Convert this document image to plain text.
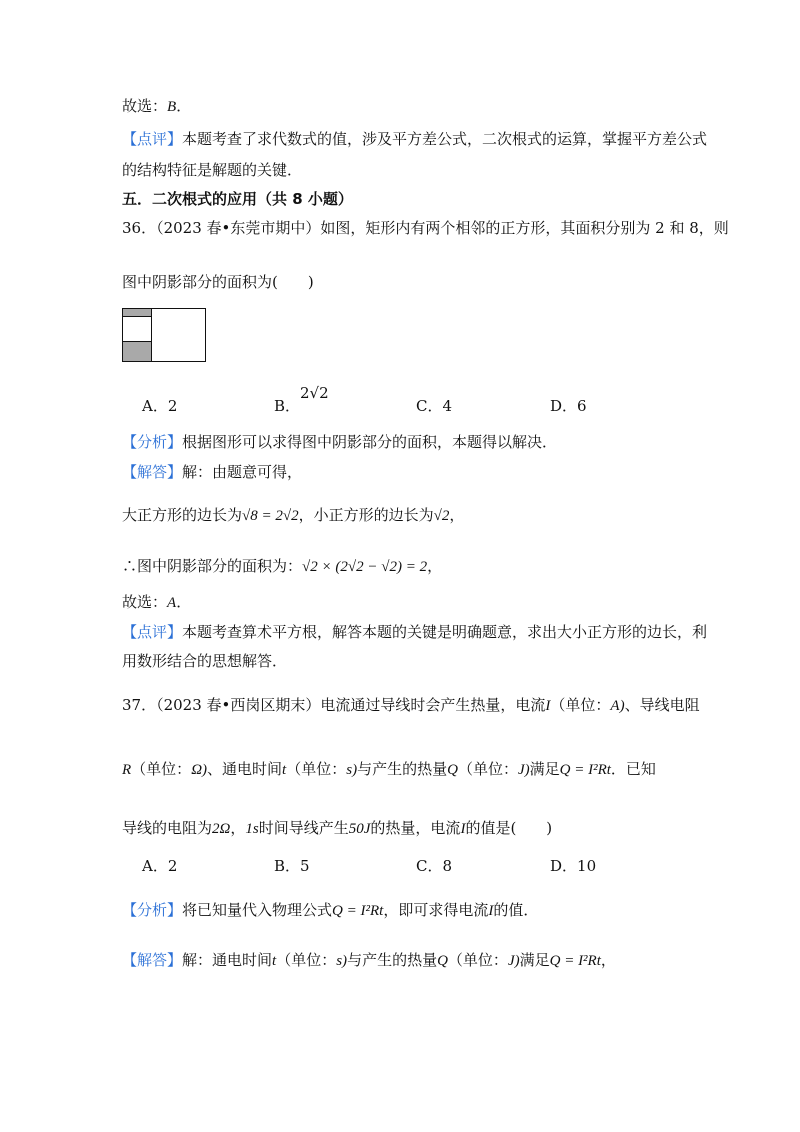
故选：B．
【点评】本题考查了求代数式的值，涉及平方差公式，二次根式的运算，掌握平方差公式
的结构特征是解题的关键．
五．二次根式的应用（共 8 小题）
36．（2023 春•东莞市期中）如图，矩形内有两个相邻的正方形，其面积分别为 2 和 8，则
图中阴影部分的面积为(　　)
A．2	B．
2√2
C．4	D．6
【分析】根据图形可以求得图中阴影部分的面积，本题得以解决．
【解答】解：由题意可得，
大正方形的边长为√8 = 2√2，小正方形的边长为√2，
∴图中阴影部分的面积为：√2 × (2√2 − √2) = 2，
故选：A．
【点评】本题考查算术平方根，解答本题的关键是明确题意，求出大小正方形的边长，利
用数形结合的思想解答．
37．（2023 春•西岗区期末）电流通过导线时会产生热量，电流I（单位：A)、导线电阻
R（单位：Ω)、通电时间t（单位：s)与产生的热量Q（单位：J)满足Q = I²Rt．已知
导线的电阻为2Ω，1s时间导线产生50J的热量，电流I的值是(　　)
A．2	B．5	C．8	D．10
【分析】将已知量代入物理公式Q = I²Rt，即可求得电流I的值．
【解答】解：通电时间t（单位：s)与产生的热量Q（单位：J)满足Q = I²Rt，
